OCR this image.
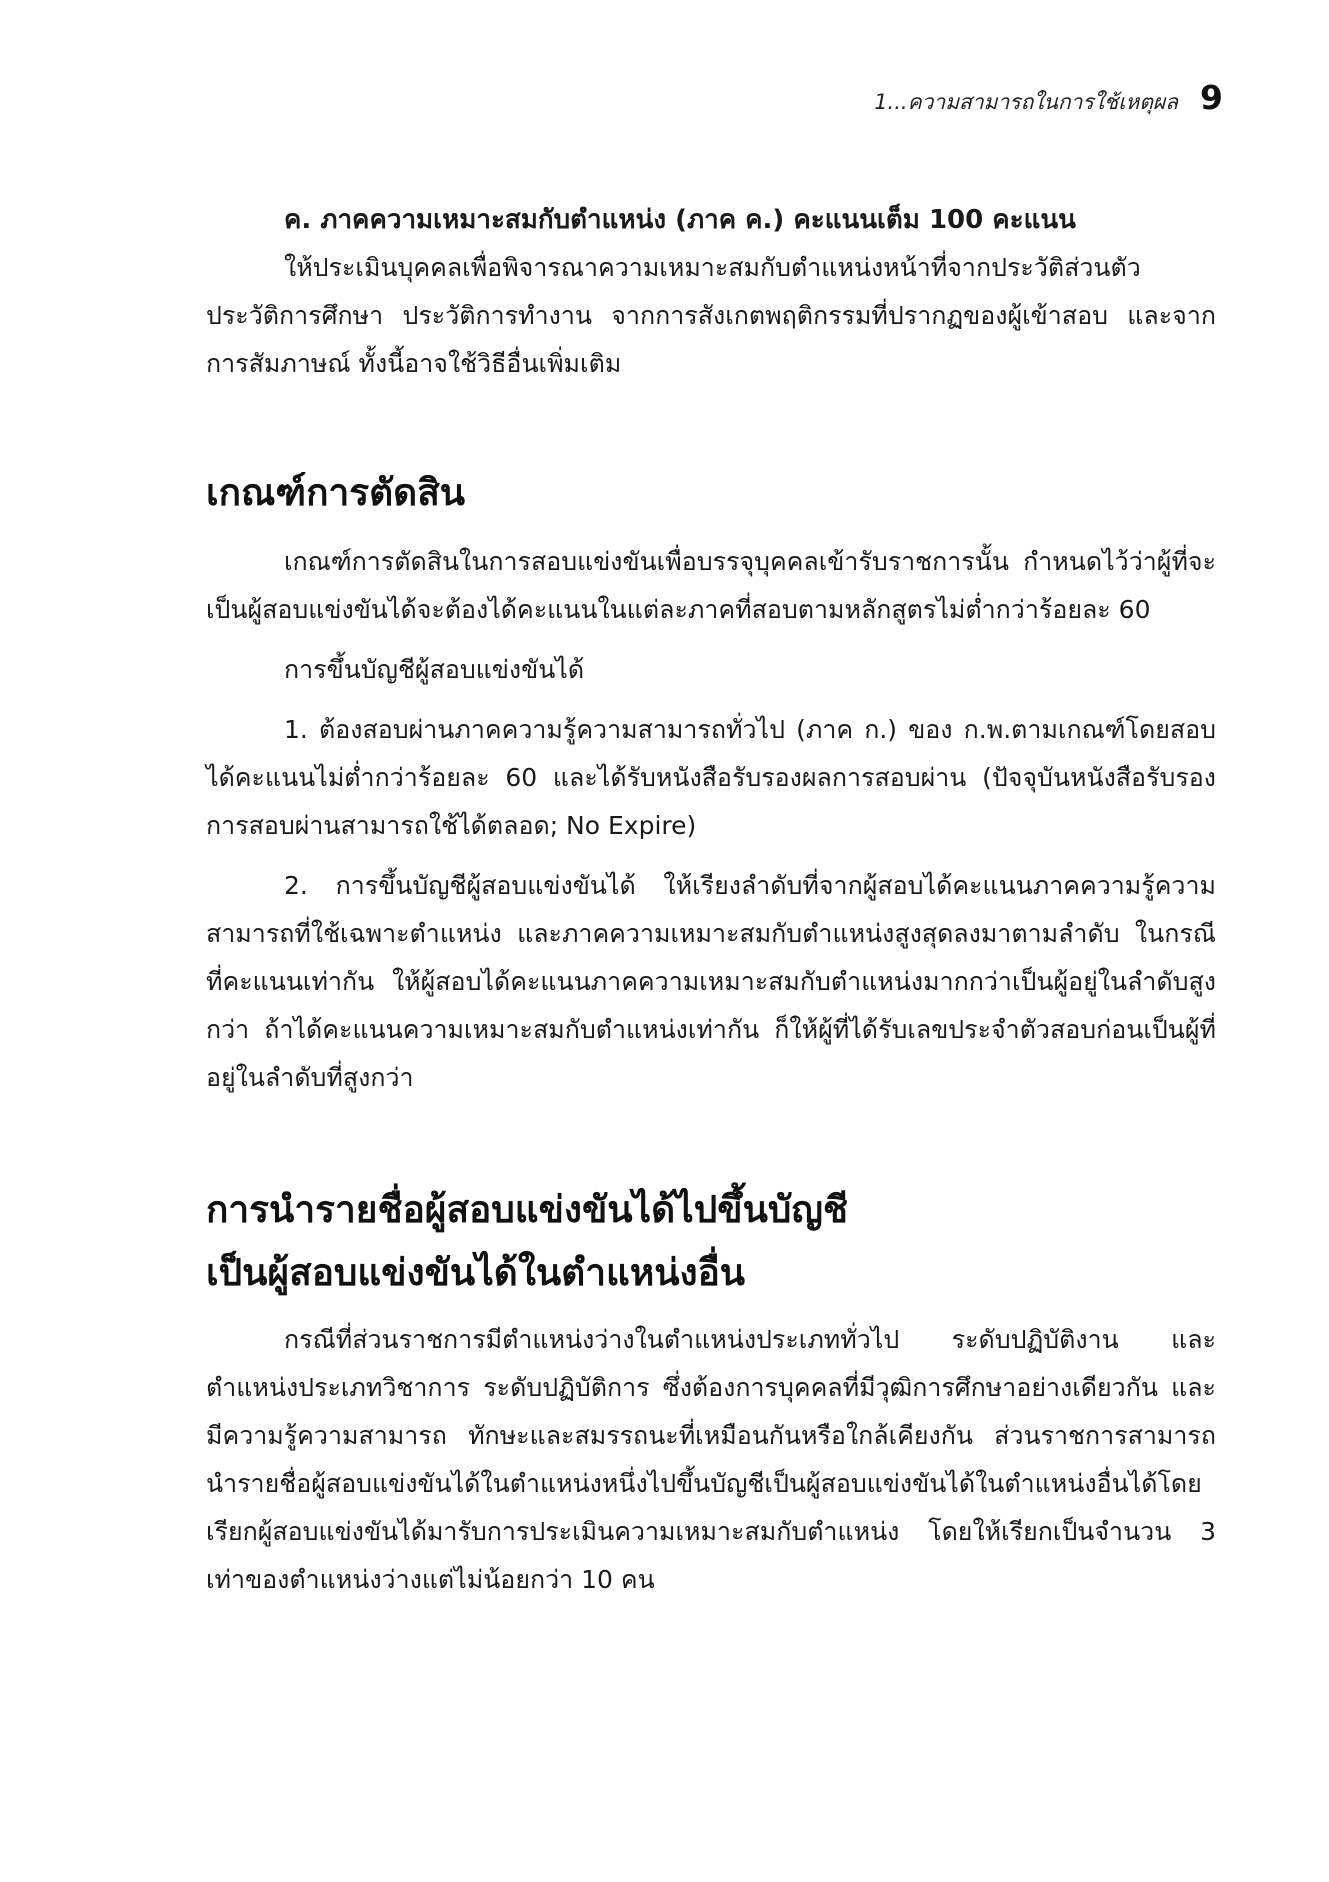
1...ความสามารถในการใช้เหตุผล 9
ค. ภาคความเหมาะสมกับตำแหน่ง (ภาค ค.) คะแนนเต็ม 100 คะแนน

ให้ประเมินบุคคลเพื่อพิจารณาความเหมาะสมกับตำแหน่งหน้าที่จากประวัติส่วนตัว ประวัติการศึกษา ประวัติการทำงาน จากการสังเกตพฤติกรรมที่ปรากฏของผู้เข้าสอบ และจากการสัมภาษณ์ ทั้งนี้อาจใช้วิธีอื่นเพิ่มเติม

เกณฑ์การตัดสิน

เกณฑ์การตัดสินในการสอบแข่งขันเพื่อบรรจุบุคคลเข้ารับราชการนั้น กำหนดไว้ว่าผู้ที่จะเป็นผู้สอบแข่งขันได้จะต้องได้คะแนนในแต่ละภาคที่สอบตามหลักสูตรไม่ต่ำกว่าร้อยละ 60

การขึ้นบัญชีผู้สอบแข่งขันได้

1. ต้องสอบผ่านภาคความรู้ความสามารถทั่วไป (ภาค ก.) ของ ก.พ.ตามเกณฑ์โดยสอบได้คะแนนไม่ต่ำกว่าร้อยละ 60 และได้รับหนังสือรับรองผลการสอบผ่าน (ปัจจุบันหนังสือรับรองการสอบผ่านสามารถใช้ได้ตลอด; No Expire)

2. การขึ้นบัญชีผู้สอบแข่งขันได้ ให้เรียงลำดับที่จากผู้สอบได้คะแนนภาคความรู้ความสามารถที่ใช้เฉพาะตำแหน่ง และภาคความเหมาะสมกับตำแหน่งสูงสุดลงมาตามลำดับ ในกรณีที่คะแนนเท่ากัน ให้ผู้สอบได้คะแนนภาคความเหมาะสมกับตำแหน่งมากกว่าเป็นผู้อยู่ในลำดับสูงกว่า ถ้าได้คะแนนความเหมาะสมกับตำแหน่งเท่ากัน ก็ให้ผู้ที่ได้รับเลขประจำตัวสอบก่อนเป็นผู้ที่อยู่ในลำดับที่สูงกว่า

การนำรายชื่อผู้สอบแข่งขันได้ไปขึ้นบัญชี
เป็นผู้สอบแข่งขันได้ในตำแหน่งอื่น

กรณีที่ส่วนราชการมีตำแหน่งว่างในตำแหน่งประเภททั่วไป ระดับปฏิบัติงาน และตำแหน่งประเภทวิชาการ ระดับปฏิบัติการ ซึ่งต้องการบุคคลที่มีวุฒิการศึกษาอย่างเดียวกัน และมีความรู้ความสามารถ ทักษะและสมรรถนะที่เหมือนกันหรือใกล้เคียงกัน ส่วนราชการสามารถนำรายชื่อผู้สอบแข่งขันได้ในตำแหน่งหนึ่งไปขึ้นบัญชีเป็นผู้สอบแข่งขันได้ในตำแหน่งอื่นได้โดยเรียกผู้สอบแข่งขันได้มารับการประเมินความเหมาะสมกับตำแหน่ง โดยให้เรียกเป็นจำนวน 3 เท่าของตำแหน่งว่างแต่ไม่น้อยกว่า 10 คน
